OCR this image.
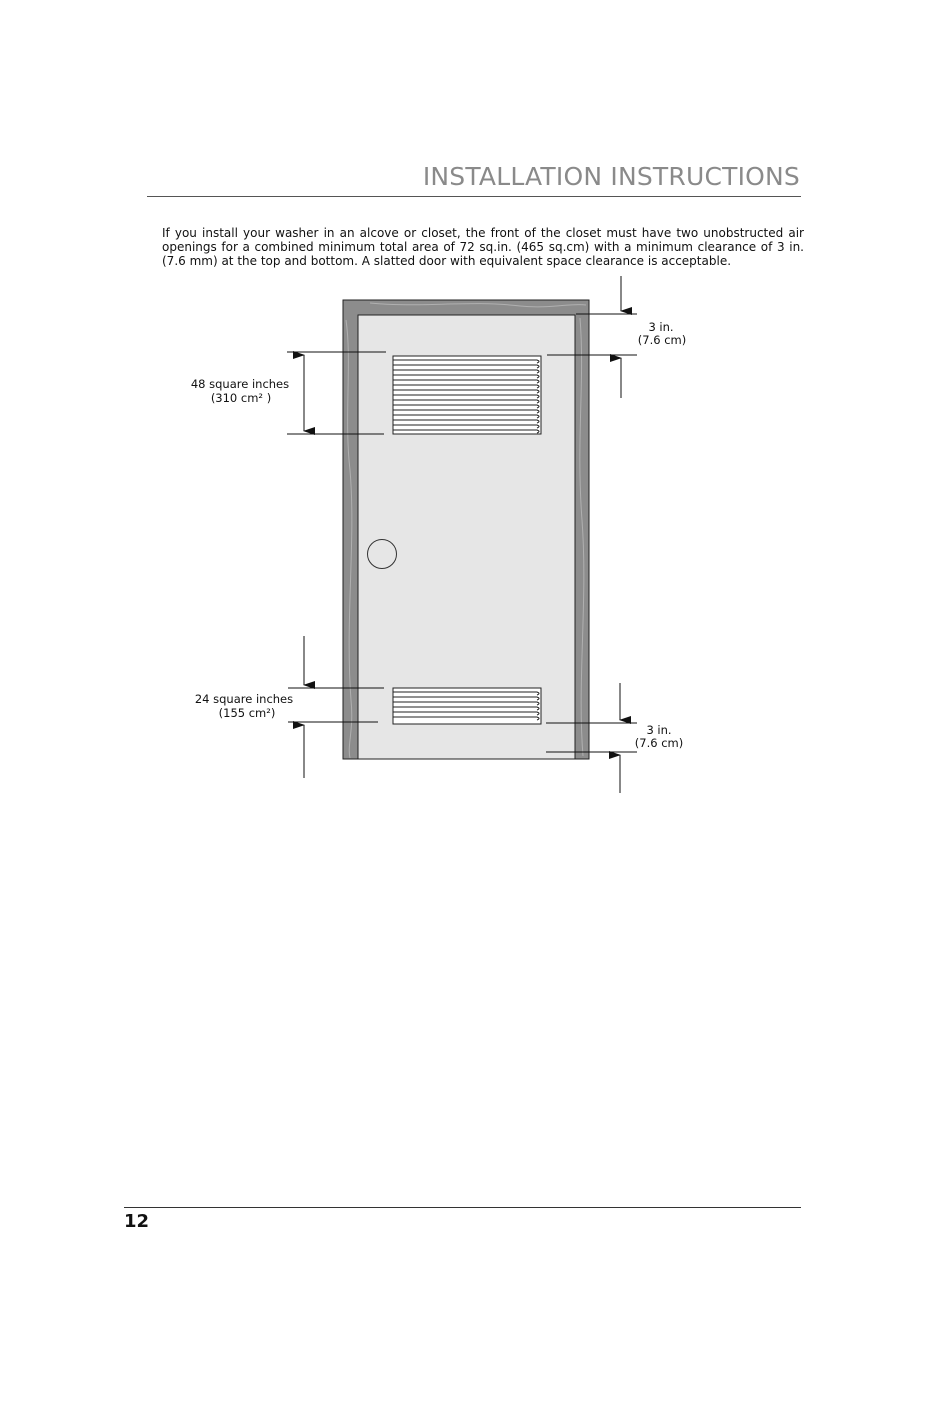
INSTALLATION INSTRUCTIONS

If you install your washer in an alcove or closet, the front of the closet must have two unobstructed air openings for a combined minimum total area of 72 sq.in. (465 sq.cm) with a minimum clearance of 3 in. (7.6 mm) at the top and bottom. A slatted door with equivalent space clearance is acceptable.

48 square inches
(310 cm² )
3 in.
(7.6 cm)
24 square inches
(155 cm²)
3 in.
(7.6 cm)
12
